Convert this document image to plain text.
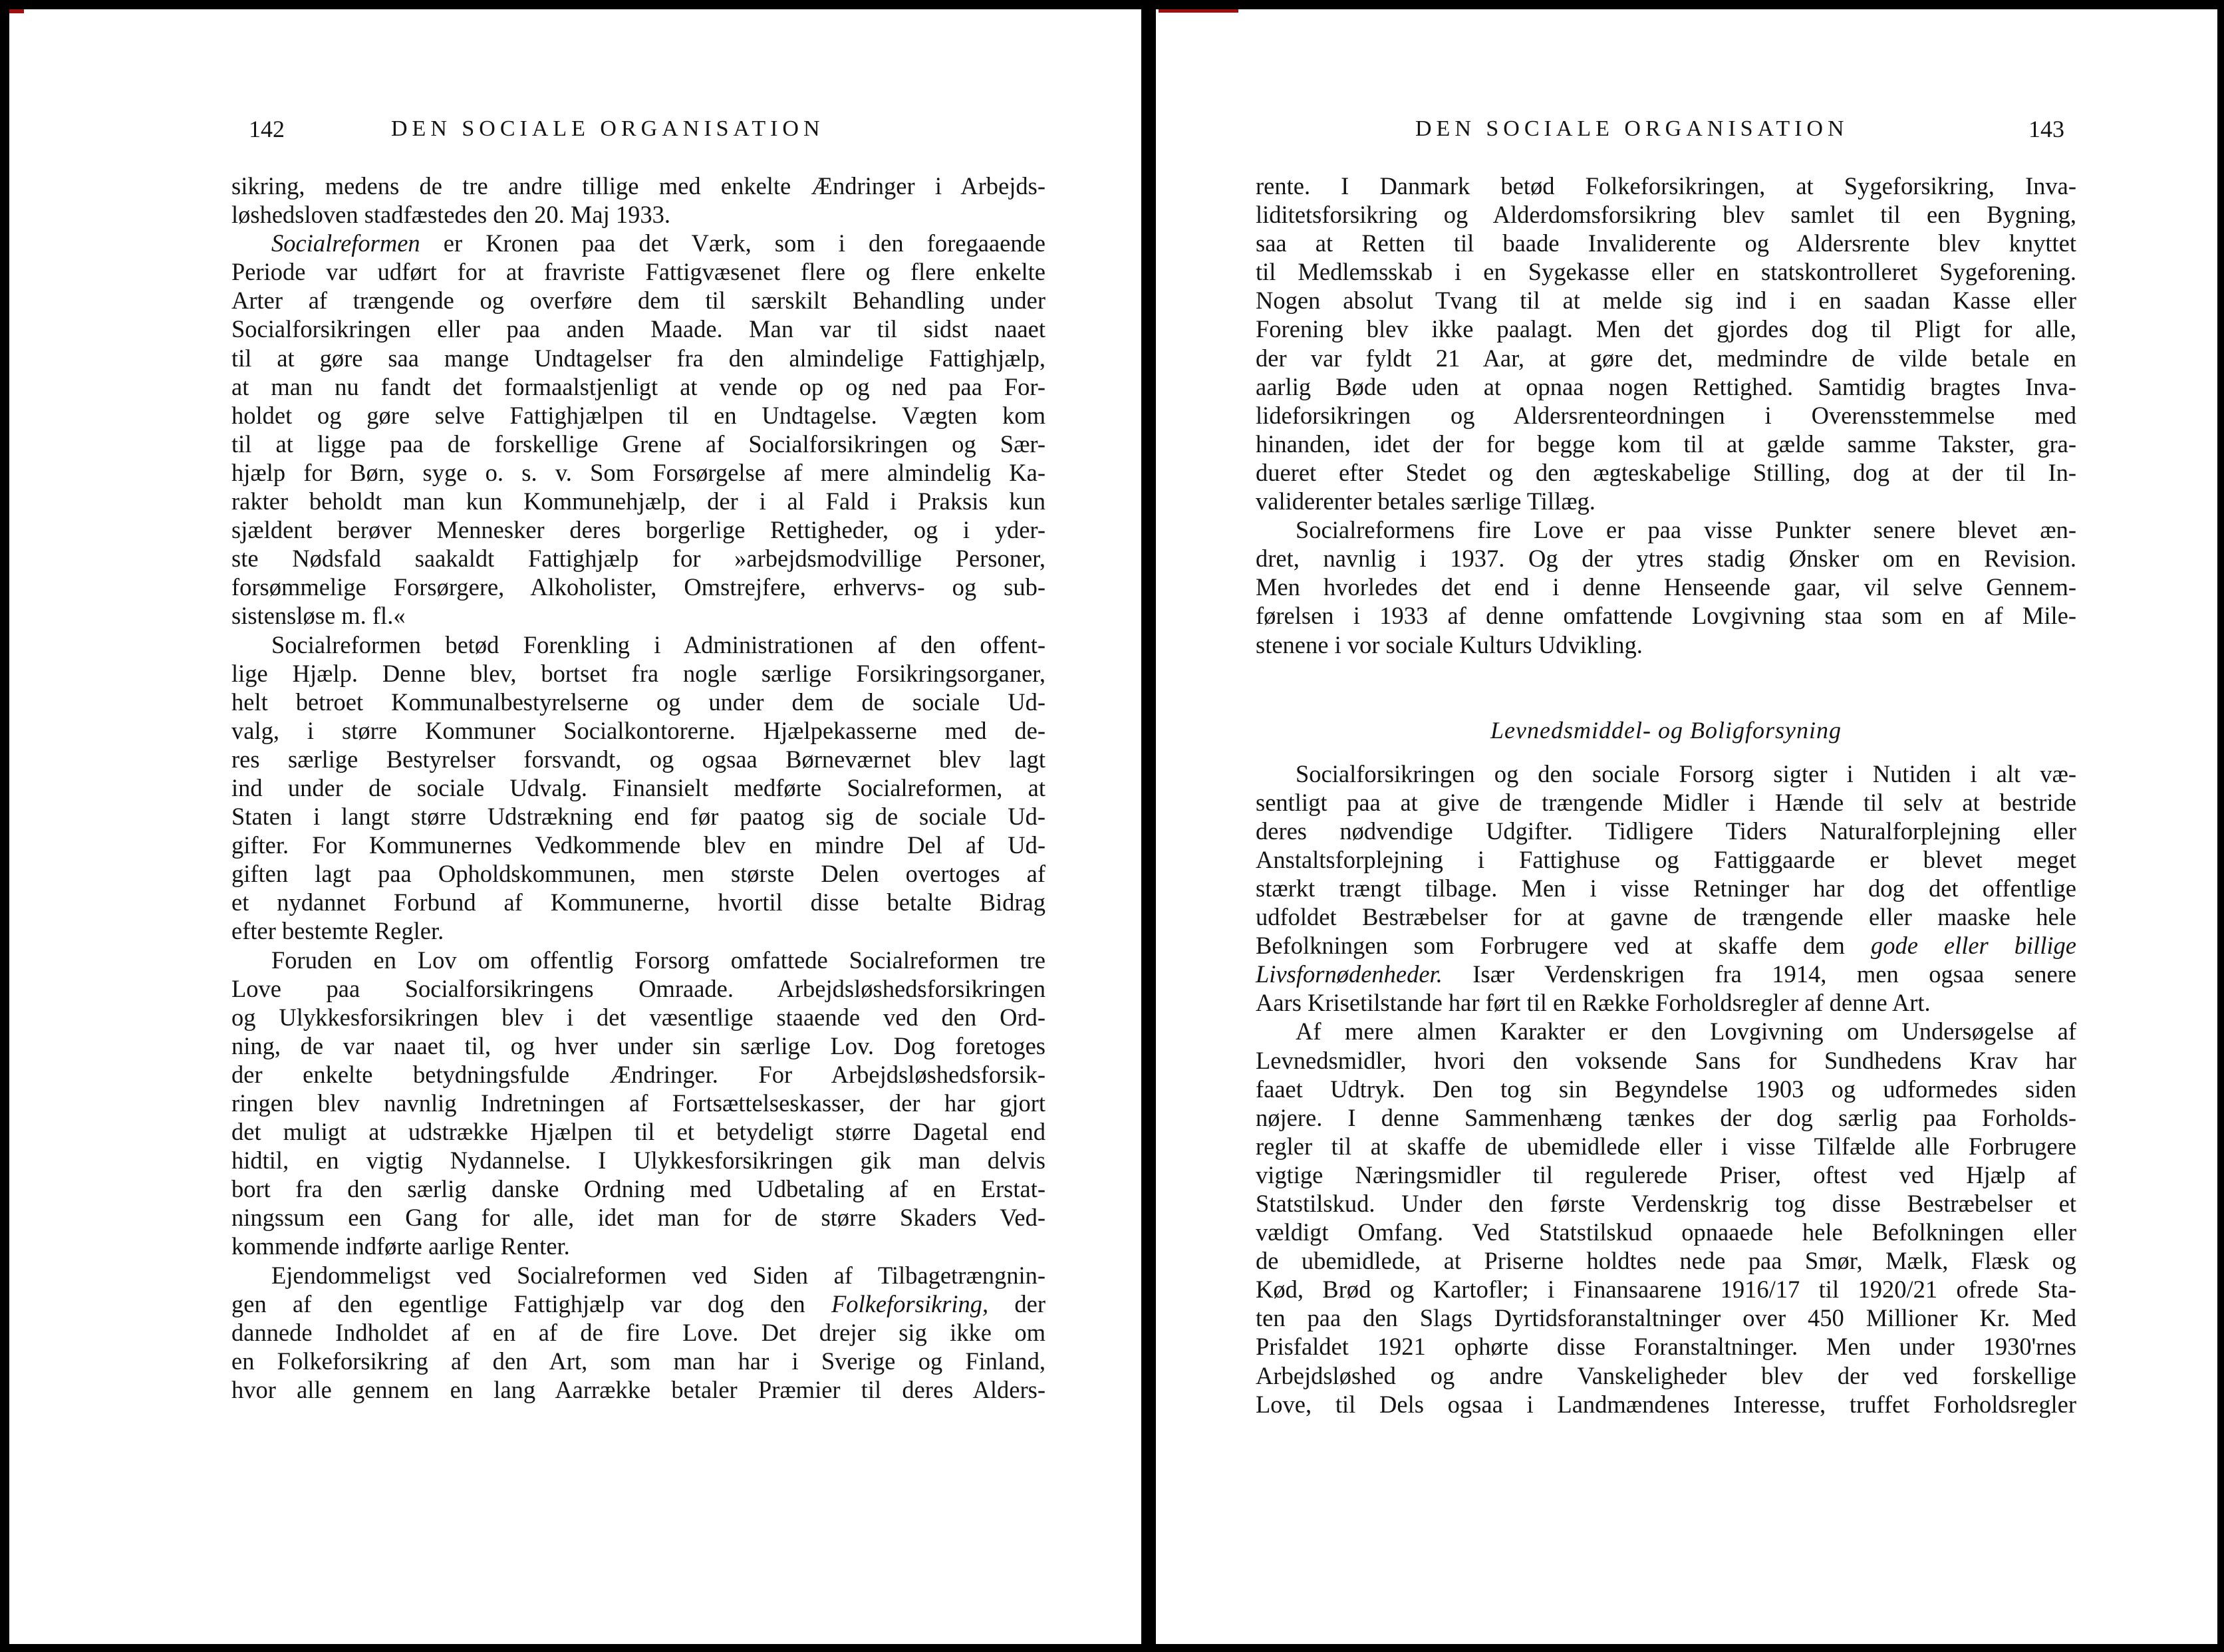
142	DEN SOCIALE ORGANISATION
sikring, medens de tre andre tillige med enkelte Ændringer i Arbejds-
løshedsloven stadfæstedes den 20. Maj 1933.
Socialreformen er Kronen paa det Værk, som i den foregaaende
Periode var udført for at fravriste Fattigvæsenet flere og flere enkelte
Arter af trængende og overføre dem til særskilt Behandling under
Socialforsikringen eller paa anden Maade. Man var til sidst naaet
til at gøre saa mange Undtagelser fra den almindelige Fattighjælp,
at man nu fandt det formaalstjenligt at vende op og ned paa For-
holdet og gøre selve Fattighjælpen til en Undtagelse. Vægten kom
til at ligge paa de forskellige Grene af Socialforsikringen og Sær-
hjælp for Børn, syge o. s. v. Som Forsørgelse af mere almindelig Ka-
rakter beholdt man kun Kommunehjælp, der i al Fald i Praksis kun
sjældent berøver Mennesker deres borgerlige Rettigheder, og i yder-
ste Nødsfald saakaldt Fattighjælp for »arbejdsmodvillige Personer,
forsømmelige Forsørgere, Alkoholister, Omstrejfere, erhvervs- og sub-
sistensløse m. fl.«
Socialreformen betød Forenkling i Administrationen af den offent-
lige Hjælp. Denne blev, bortset fra nogle særlige Forsikringsorganer,
helt betroet Kommunalbestyrelserne og under dem de sociale Ud-
valg, i større Kommuner Socialkontorerne. Hjælpekasserne med de-
res særlige Bestyrelser forsvandt, og ogsaa Børneværnet blev lagt
ind under de sociale Udvalg. Finansielt medførte Socialreformen, at
Staten i langt større Udstrækning end før paatog sig de sociale Ud-
gifter. For Kommunernes Vedkommende blev en mindre Del af Ud-
giften lagt paa Opholdskommunen, men største Delen overtoges af
et nydannet Forbund af Kommunerne, hvortil disse betalte Bidrag
efter bestemte Regler.
Foruden en Lov om offentlig Forsorg omfattede Socialreformen tre
Love paa Socialforsikringens Omraade. Arbejdsløshedsforsikringen
og Ulykkesforsikringen blev i det væsentlige staaende ved den Ord-
ning, de var naaet til, og hver under sin særlige Lov. Dog foretoges
der enkelte betydningsfulde Ændringer. For Arbejdsløshedsforsik-
ringen blev navnlig Indretningen af Fortsættelseskasser, der har gjort
det muligt at udstrække Hjælpen til et betydeligt større Dagetal end
hidtil, en vigtig Nydannelse. I Ulykkesforsikringen gik man delvis
bort fra den særlig danske Ordning med Udbetaling af en Erstat-
ningssum een Gang for alle, idet man for de større Skaders Ved-
kommende indførte aarlige Renter.
Ejendommeligst ved Socialreformen ved Siden af Tilbagetrængnin-
gen af den egentlige Fattighjælp var dog den Folkeforsikring, der
dannede Indholdet af en af de fire Love. Det drejer sig ikke om
en Folkeforsikring af den Art, som man har i Sverige og Finland,
hvor alle gennem en lang Aarrække betaler Præmier til deres Alders-
DEN SOCIALE ORGANISATION	143
rente. I Danmark betød Folkeforsikringen, at Sygeforsikring, Inva-
liditetsforsikring og Alderdomsforsikring blev samlet til een Bygning,
saa at Retten til baade Invaliderente og Aldersrente blev knyttet
til Medlemsskab i en Sygekasse eller en statskontrolleret Sygeforening.
Nogen absolut Tvang til at melde sig ind i en saadan Kasse eller
Forening blev ikke paalagt. Men det gjordes dog til Pligt for alle,
der var fyldt 21 Aar, at gøre det, medmindre de vilde betale en
aarlig Bøde uden at opnaa nogen Rettighed. Samtidig bragtes Inva-
lideforsikringen og Aldersrenteordningen i Overensstemmelse med
hinanden, idet der for begge kom til at gælde samme Takster, gra-
dueret efter Stedet og den ægteskabelige Stilling, dog at der til In-
validerenter betales særlige Tillæg.
Socialreformens fire Love er paa visse Punkter senere blevet æn-
dret, navnlig i 1937. Og der ytres stadig Ønsker om en Revision.
Men hvorledes det end i denne Henseende gaar, vil selve Gennem-
førelsen i 1933 af denne omfattende Lovgivning staa som en af Mile-
stenene i vor sociale Kulturs Udvikling.
Levnedsmiddel- og Boligforsyning
Socialforsikringen og den sociale Forsorg sigter i Nutiden i alt væ-
sentligt paa at give de trængende Midler i Hænde til selv at bestride
deres nødvendige Udgifter. Tidligere Tiders Naturalforplejning eller
Anstaltsforplejning i Fattighuse og Fattiggaarde er blevet meget
stærkt trængt tilbage. Men i visse Retninger har dog det offentlige
udfoldet Bestræbelser for at gavne de trængende eller maaske hele
Befolkningen som Forbrugere ved at skaffe dem gode eller billige
Livsfornødenheder. Især Verdenskrigen fra 1914, men ogsaa senere
Aars Krisetilstande har ført til en Række Forholdsregler af denne Art.
Af mere almen Karakter er den Lovgivning om Undersøgelse af
Levnedsmidler, hvori den voksende Sans for Sundhedens Krav har
faaet Udtryk. Den tog sin Begyndelse 1903 og udformedes siden
nøjere. I denne Sammenhæng tænkes der dog særlig paa Forholds-
regler til at skaffe de ubemidlede eller i visse Tilfælde alle Forbrugere
vigtige Næringsmidler til regulerede Priser, oftest ved Hjælp af
Statstilskud. Under den første Verdenskrig tog disse Bestræbelser et
vældigt Omfang. Ved Statstilskud opnaaede hele Befolkningen eller
de ubemidlede, at Priserne holdtes nede paa Smør, Mælk, Flæsk og
Kød, Brød og Kartofler; i Finansaarene 1916/17 til 1920/21 ofrede Sta-
ten paa den Slags Dyrtidsforanstaltninger over 450 Millioner Kr. Med
Prisfaldet 1921 ophørte disse Foranstaltninger. Men under 1930'rnes
Arbejdsløshed og andre Vanskeligheder blev der ved forskellige
Love, til Dels ogsaa i Landmændenes Interesse, truffet Forholdsregler
